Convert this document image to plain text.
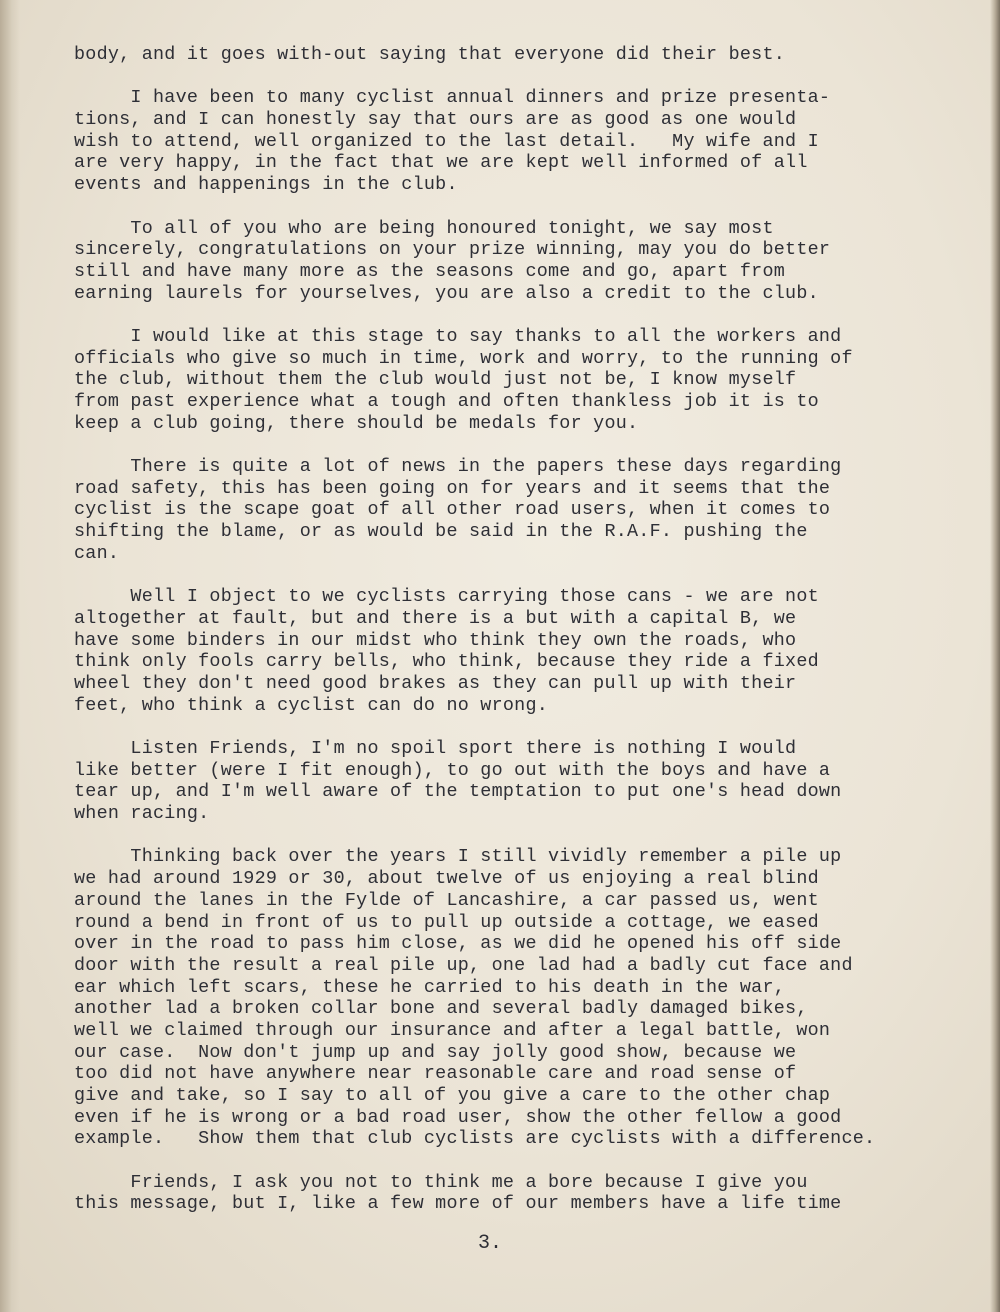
body, and it goes with-out saying that everyone did their best.
I have been to many cyclist annual dinners and prize presenta-
tions, and I can honestly say that ours are as good as one would
wish to attend, well organized to the last detail.   My wife and I
are very happy, in the fact that we are kept well informed of all
events and happenings in the club.
To all of you who are being honoured tonight, we say most
sincerely, congratulations on your prize winning, may you do better
still and have many more as the seasons come and go, apart from
earning laurels for yourselves, you are also a credit to the club.
I would like at this stage to say thanks to all the workers and
officials who give so much in time, work and worry, to the running of
the club, without them the club would just not be, I know myself
from past experience what a tough and often thankless job it is to
keep a club going, there should be medals for you.
There is quite a lot of news in the papers these days regarding
road safety, this has been going on for years and it seems that the
cyclist is the scape goat of all other road users, when it comes to
shifting the blame, or as would be said in the R.A.F. pushing the
can.
Well I object to we cyclists carrying those cans - we are not
altogether at fault, but and there is a but with a capital B, we
have some binders in our midst who think they own the roads, who
think only fools carry bells, who think, because they ride a fixed
wheel they don't need good brakes as they can pull up with their
feet, who think a cyclist can do no wrong.
Listen Friends, I'm no spoil sport there is nothing I would
like better (were I fit enough), to go out with the boys and have a
tear up, and I'm well aware of the temptation to put one's head down
when racing.
Thinking back over the years I still vividly remember a pile up
we had around 1929 or 30, about twelve of us enjoying a real blind
around the lanes in the Fylde of Lancashire, a car passed us, went
round a bend in front of us to pull up outside a cottage, we eased
over in the road to pass him close, as we did he opened his off side
door with the result a real pile up, one lad had a badly cut face and
ear which left scars, these he carried to his death in the war,
another lad a broken collar bone and several badly damaged bikes,
well we claimed through our insurance and after a legal battle, won
our case.  Now don't jump up and say jolly good show, because we
too did not have anywhere near reasonable care and road sense of
give and take, so I say to all of you give a care to the other chap
even if he is wrong or a bad road user, show the other fellow a good
example.   Show them that club cyclists are cyclists with a difference.
Friends, I ask you not to think me a bore because I give you
this message, but I, like a few more of our members have a life time
3.
